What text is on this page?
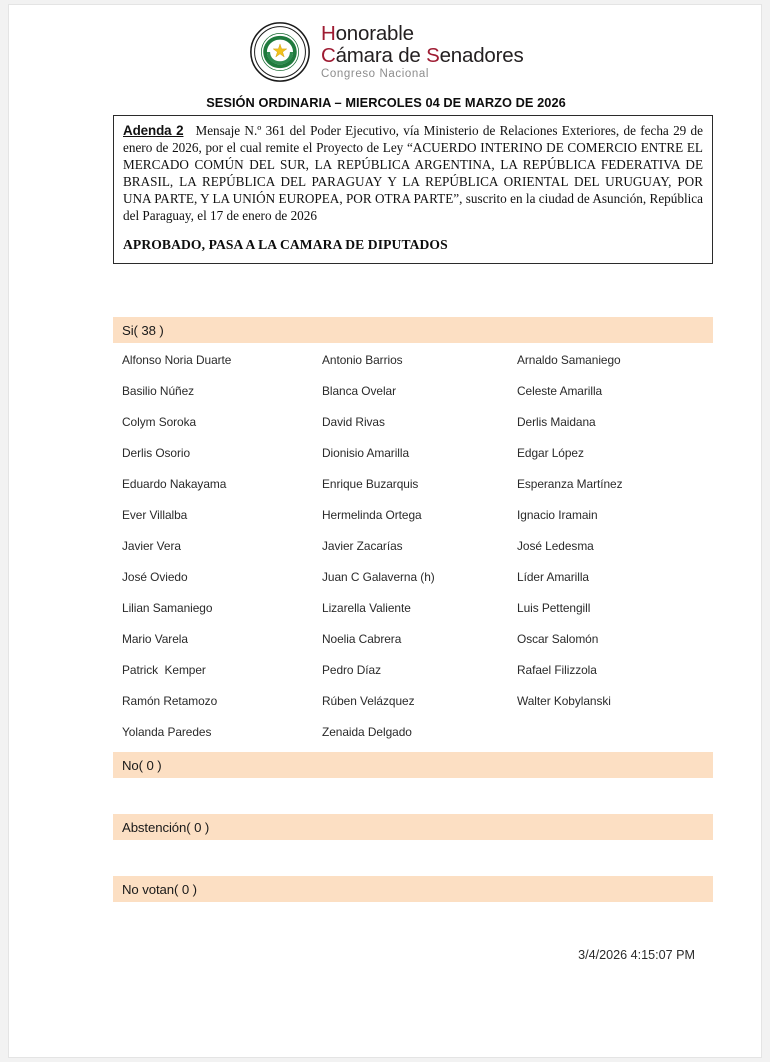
Honorable
Cámara de Senadores
Congreso Nacional
SESIÓN ORDINARIA – MIERCOLES 04 DE MARZO DE 2026

Adenda 2 Mensaje N.º 361 del Poder Ejecutivo, vía Ministerio de Relaciones Exteriores, de fecha 29 de enero de 2026, por el cual remite el Proyecto de Ley “ACUERDO INTERINO DE COMERCIO ENTRE EL MERCADO COMÚN DEL SUR, LA REPÚBLICA ARGENTINA, LA REPÚBLICA FEDERATIVA DE BRASIL, LA REPÚBLICA DEL PARAGUAY Y LA REPÚBLICA ORIENTAL DEL URUGUAY, POR UNA PARTE, Y LA UNIÓN EUROPEA, POR OTRA PARTE”, suscrito en la ciudad de Asunción, República del Paraguay, el 17 de enero de 2026

APROBADO, PASA A LA CAMARA DE DIPUTADOS
Si( 38 )
Alfonso Noria Duarte	Antonio Barrios	Arnaldo Samaniego
Basilio Núñez	Blanca Ovelar	Celeste Amarilla
Colym Soroka	David Rivas	Derlis Maidana
Derlis Osorio	Dionisio Amarilla	Edgar López
Eduardo Nakayama	Enrique Buzarquis	Esperanza Martínez
Ever Villalba	Hermelinda Ortega	Ignacio Iramain
Javier Vera	Javier Zacarías	José Ledesma
José Oviedo	Juan C Galaverna (h)	Líder Amarilla
Lilian Samaniego	Lizarella Valiente	Luis Pettengill
Mario Varela	Noelia Cabrera	Oscar Salomón
Patrick  Kemper	Pedro Díaz	Rafael Filizzola
Ramón Retamozo	Rúben Velázquez	Walter Kobylanski
Yolanda Paredes	Zenaida Delgado
No( 0 )
Abstención( 0 )
No votan( 0 )
3/4/2026 4:15:07 PM
